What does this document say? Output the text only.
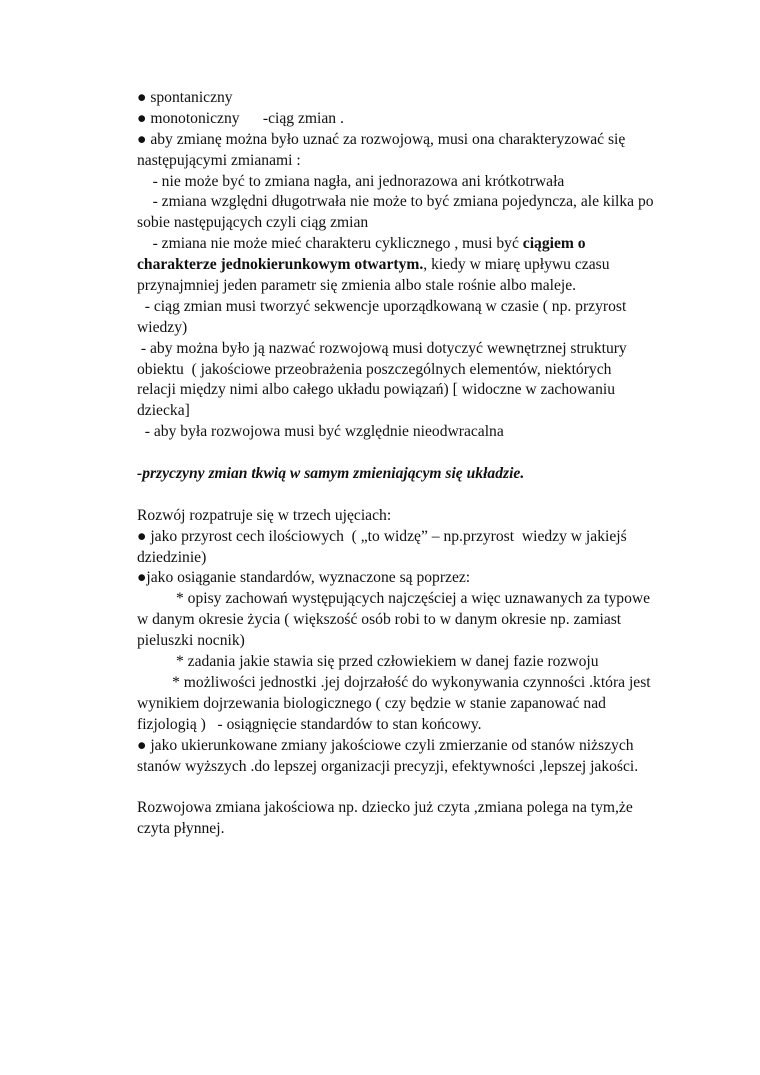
● spontaniczny
● monotoniczny      -ciąg zmian .
● aby zmianę można było uznać za rozwojową, musi ona charakteryzować się
następującymi zmianami :
- nie może być to zmiana nagła, ani jednorazowa ani krótkotrwała
- zmiana względni długotrwała nie może to być zmiana pojedyncza, ale kilka po
sobie następujących czyli ciąg zmian
- zmiana nie może mieć charakteru cyklicznego , musi być ciągiem o
charakterze jednokierunkowym otwartym., kiedy w miarę upływu czasu
przynajmniej jeden parametr się zmienia albo stale rośnie albo maleje.
- ciąg zmian musi tworzyć sekwencje uporządkowaną w czasie ( np. przyrost
wiedzy)
- aby można było ją nazwać rozwojową musi dotyczyć wewnętrznej struktury
obiektu  ( jakościowe przeobrażenia poszczególnych elementów, niektórych
relacji między nimi albo całego układu powiązań) [ widoczne w zachowaniu
dziecka]
- aby była rozwojowa musi być względnie nieodwracalna
-przyczyny zmian tkwią w samym zmieniającym się układzie.
Rozwój rozpatruje się w trzech ujęciach:
● jako przyrost cech ilościowych  ( „to widzę” – np.przyrost  wiedzy w jakiejś
dziedzinie)
●jako osiąganie standardów, wyznaczone są poprzez:
* opisy zachowań występujących najczęściej a więc uznawanych za typowe
w danym okresie życia ( większość osób robi to w danym okresie np. zamiast
pieluszki nocnik)
* zadania jakie stawia się przed człowiekiem w danej fazie rozwoju
* możliwości jednostki .jej dojrzałość do wykonywania czynności .która jest
wynikiem dojrzewania biologicznego ( czy będzie w stanie zapanować nad
fizjologią )   - osiągnięcie standardów to stan końcowy.
● jako ukierunkowane zmiany jakościowe czyli zmierzanie od stanów niższych
stanów wyższych .do lepszej organizacji precyzji, efektywności ,lepszej jakości.
Rozwojowa zmiana jakościowa np. dziecko już czyta ,zmiana polega na tym,że
czyta płynnej.
